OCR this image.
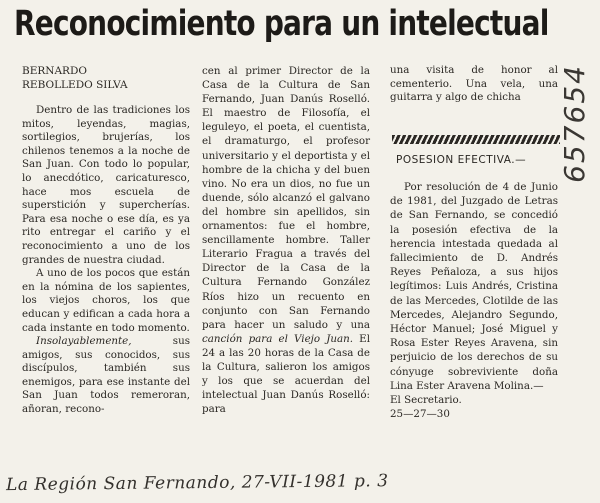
Reconocimiento para un intelectual
BERNARDO
REBOLLEDO SILVA

Dentro de las tradiciones los mitos, leyendas, magias, sortilegios, brujerías, los chilenos tenemos a la noche de San Juan. Con todo lo popular, lo anecdótico, caricaturesco, hace mos escuela de superstición y supercherías. Para esa noche o ese día, es ya rito entregar el cariño y el reconocimiento a uno de los grandes de nuestra ciudad.

A uno de los pocos que están en la nómina de los sapientes, los viejos choros, los que educan y edifican a cada hora a cada instante en todo momento.

Insolayablemente, sus amigos, sus conocidos, sus discípulos, también sus enemigos, para ese instante del San Juan todos remeroran, añoran, recono-

cen al primer Director de la Casa de la Cultura de San Fernando, Juan Danús Roselló. El maestro de Filosofía, el leguleyo, el poeta, el cuentista, el dramaturgo, el profesor universitario y el deportista y el hombre de la chicha y del buen vino. No era un dios, no fue un duende, sólo alcanzó el galvano del hombre sin apellidos, sin ornamentos: fue el hombre, sencillamente hombre. Taller Literario Fragua a través del Director de la Casa de la Cultura Fernando González Ríos hizo un recuento en conjunto con San Fernando para hacer un saludo y una canción para el Viejo Juan. El 24 a las 20 horas de la Casa de la Cultura, salieron los amigos y los que se acuerdan del intelectual Juan Danús Roselló: para

una visita de honor al cementerio. Una vela, una guitarra y algo de chicha

POSESION EFECTIVA.—

Por resolución de 4 de Junio de 1981, del Juzgado de Letras de San Fernando, se concedió la posesión efectiva de la herencia intestada quedada al fallecimiento de D. Andrés Reyes Peñaloza, a sus hijos legítimos: Luis Andrés, Cristina de las Mercedes, Clotilde de las Mercedes, Alejandro Segundo, Héctor Manuel; José Miguel y Rosa Ester Reyes Aravena, sin perjuicio de los derechos de su cónyuge sobreviviente doña Lina Ester Aravena Molina.—

El Secretario.

25—27—30

657654
La Región San Fernando, 27-VII-1981 p. 3
